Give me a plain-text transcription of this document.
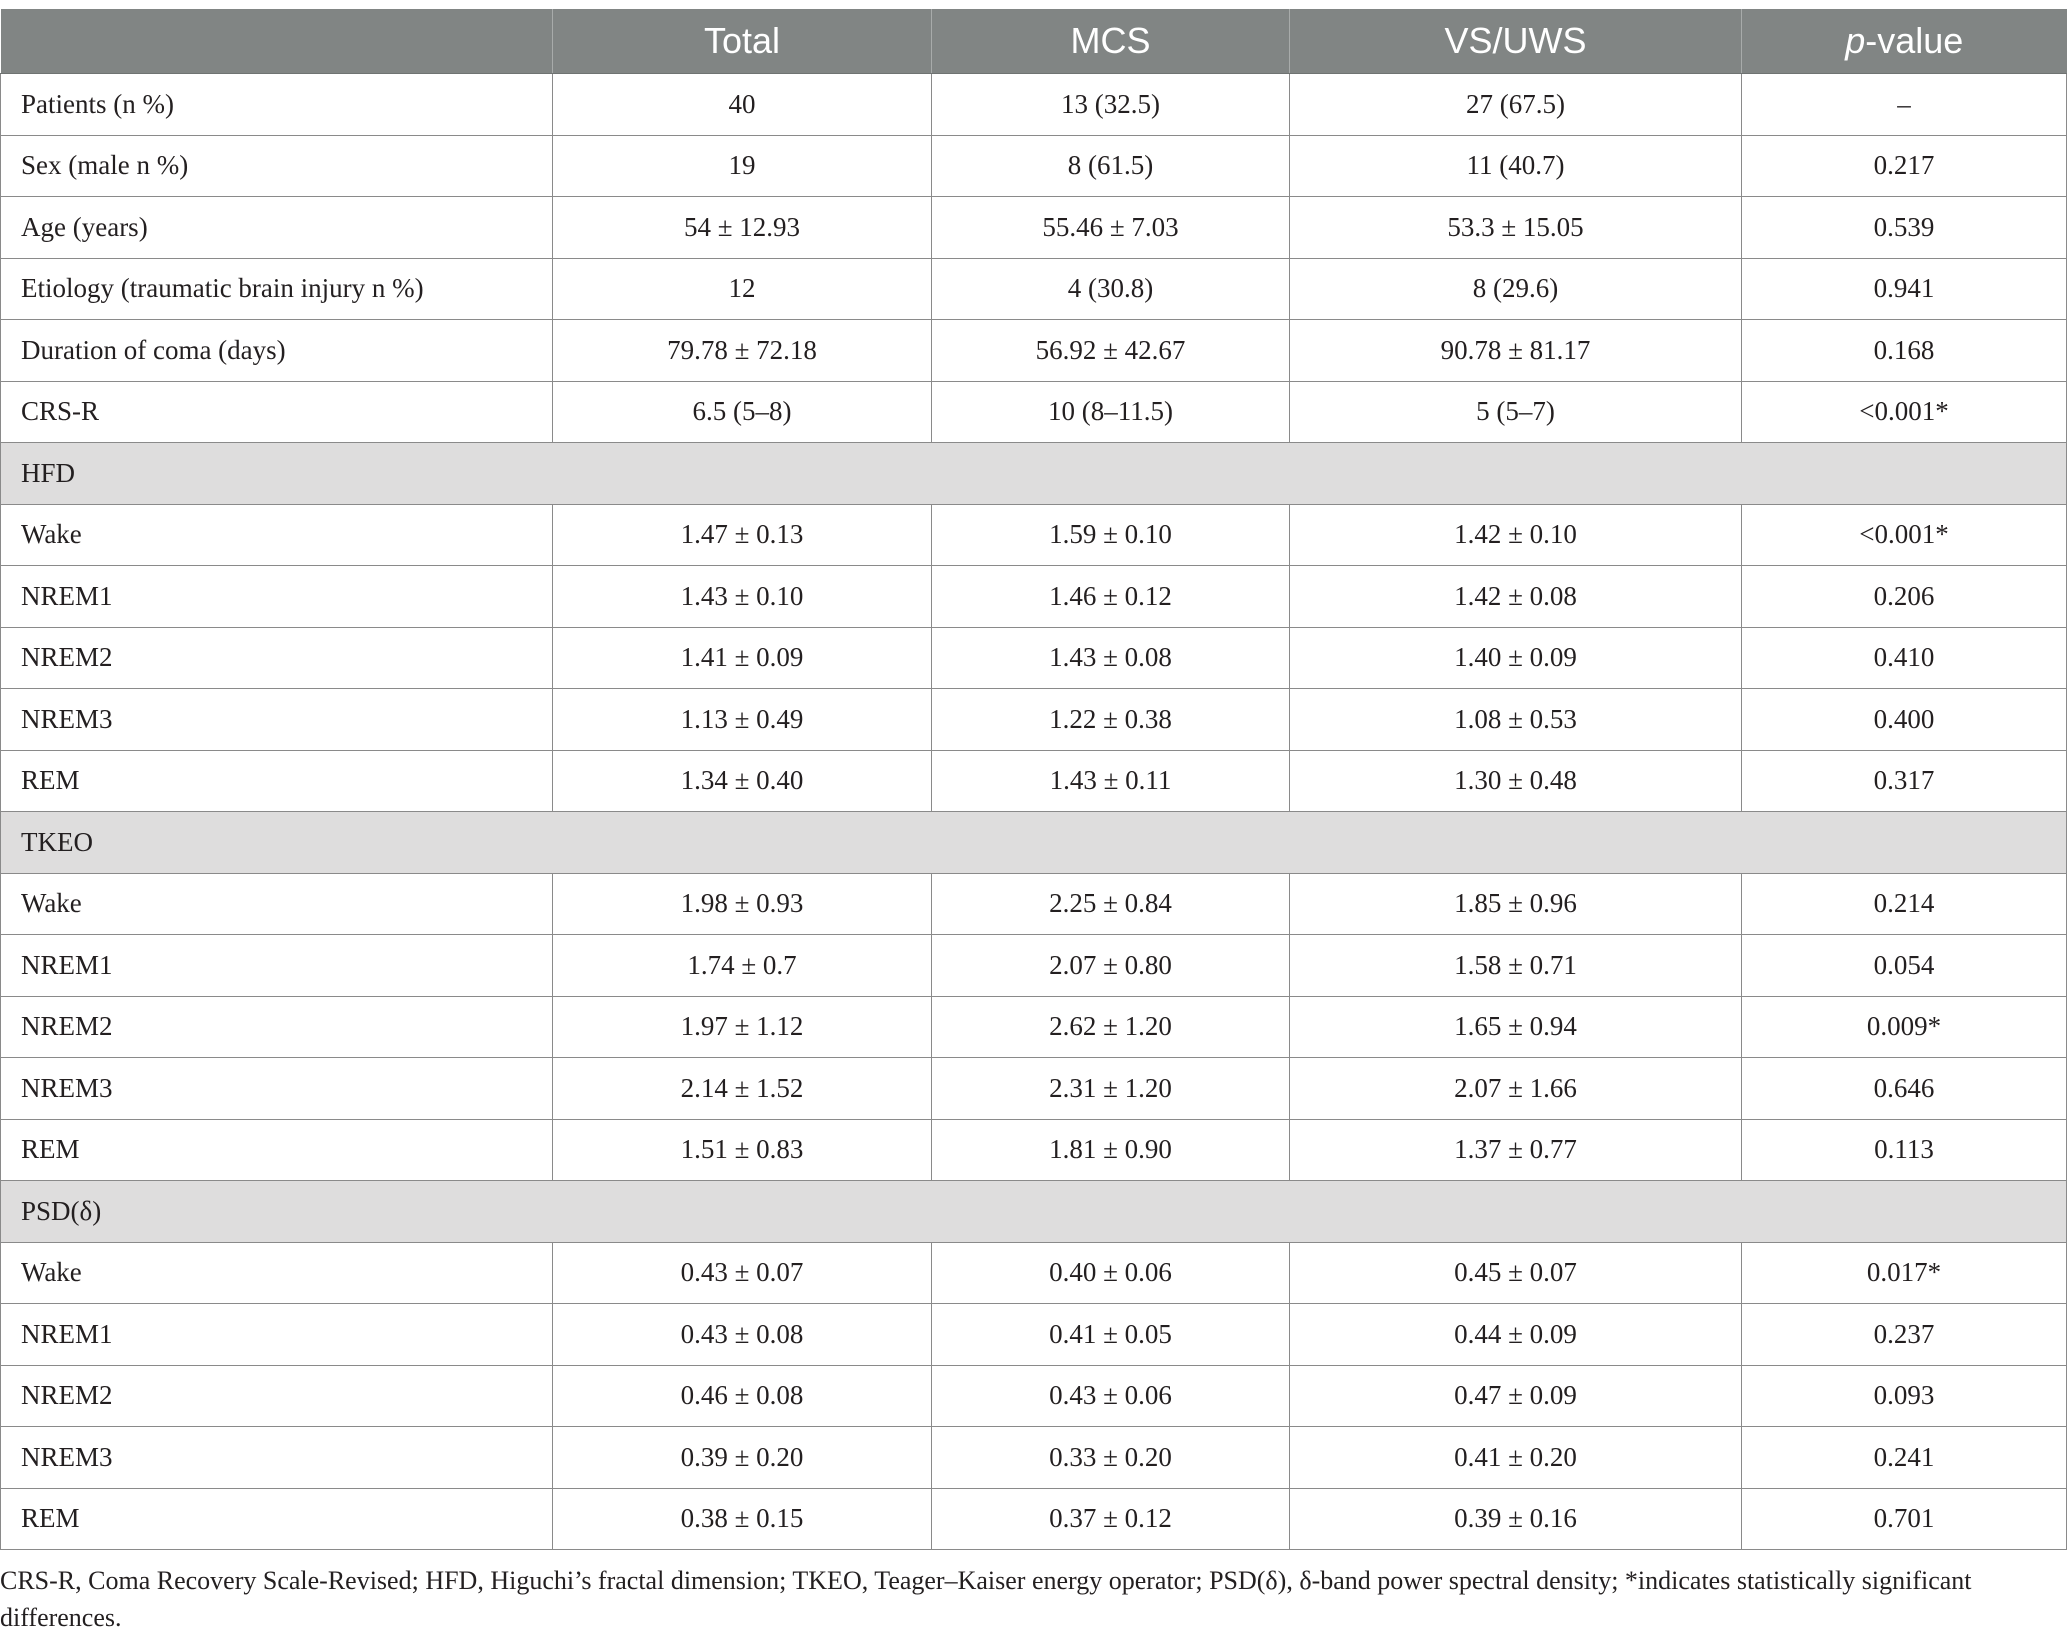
	Total	MCS	VS/UWS	p-value
Patients (n %)	40	13 (32.5)	27 (67.5)	–
Sex (male n %)	19	8 (61.5)	11 (40.7)	0.217
Age (years)	54 ± 12.93	55.46 ± 7.03	53.3 ± 15.05	0.539
Etiology (traumatic brain injury n %)	12	4 (30.8)	8 (29.6)	0.941
Duration of coma (days)	79.78 ± 72.18	56.92 ± 42.67	90.78 ± 81.17	0.168
CRS-R	6.5 (5–8)	10 (8–11.5)	5 (5–7)	<0.001*
HFD				
Wake	1.47 ± 0.13	1.59 ± 0.10	1.42 ± 0.10	<0.001*
NREM1	1.43 ± 0.10	1.46 ± 0.12	1.42 ± 0.08	0.206
NREM2	1.41 ± 0.09	1.43 ± 0.08	1.40 ± 0.09	0.410
NREM3	1.13 ± 0.49	1.22 ± 0.38	1.08 ± 0.53	0.400
REM	1.34 ± 0.40	1.43 ± 0.11	1.30 ± 0.48	0.317
TKEO				
Wake	1.98 ± 0.93	2.25 ± 0.84	1.85 ± 0.96	0.214
NREM1	1.74 ± 0.7	2.07 ± 0.80	1.58 ± 0.71	0.054
NREM2	1.97 ± 1.12	2.62 ± 1.20	1.65 ± 0.94	0.009*
NREM3	2.14 ± 1.52	2.31 ± 1.20	2.07 ± 1.66	0.646
REM	1.51 ± 0.83	1.81 ± 0.90	1.37 ± 0.77	0.113
PSD(δ)				
Wake	0.43 ± 0.07	0.40 ± 0.06	0.45 ± 0.07	0.017*
NREM1	0.43 ± 0.08	0.41 ± 0.05	0.44 ± 0.09	0.237
NREM2	0.46 ± 0.08	0.43 ± 0.06	0.47 ± 0.09	0.093
NREM3	0.39 ± 0.20	0.33 ± 0.20	0.41 ± 0.20	0.241
REM	0.38 ± 0.15	0.37 ± 0.12	0.39 ± 0.16	0.701
CRS-R, Coma Recovery Scale-Revised; HFD, Higuchi’s fractal dimension; TKEO, Teager–Kaiser energy operator; PSD(δ), δ-band power spectral density; *indicates statistically significant differences.
